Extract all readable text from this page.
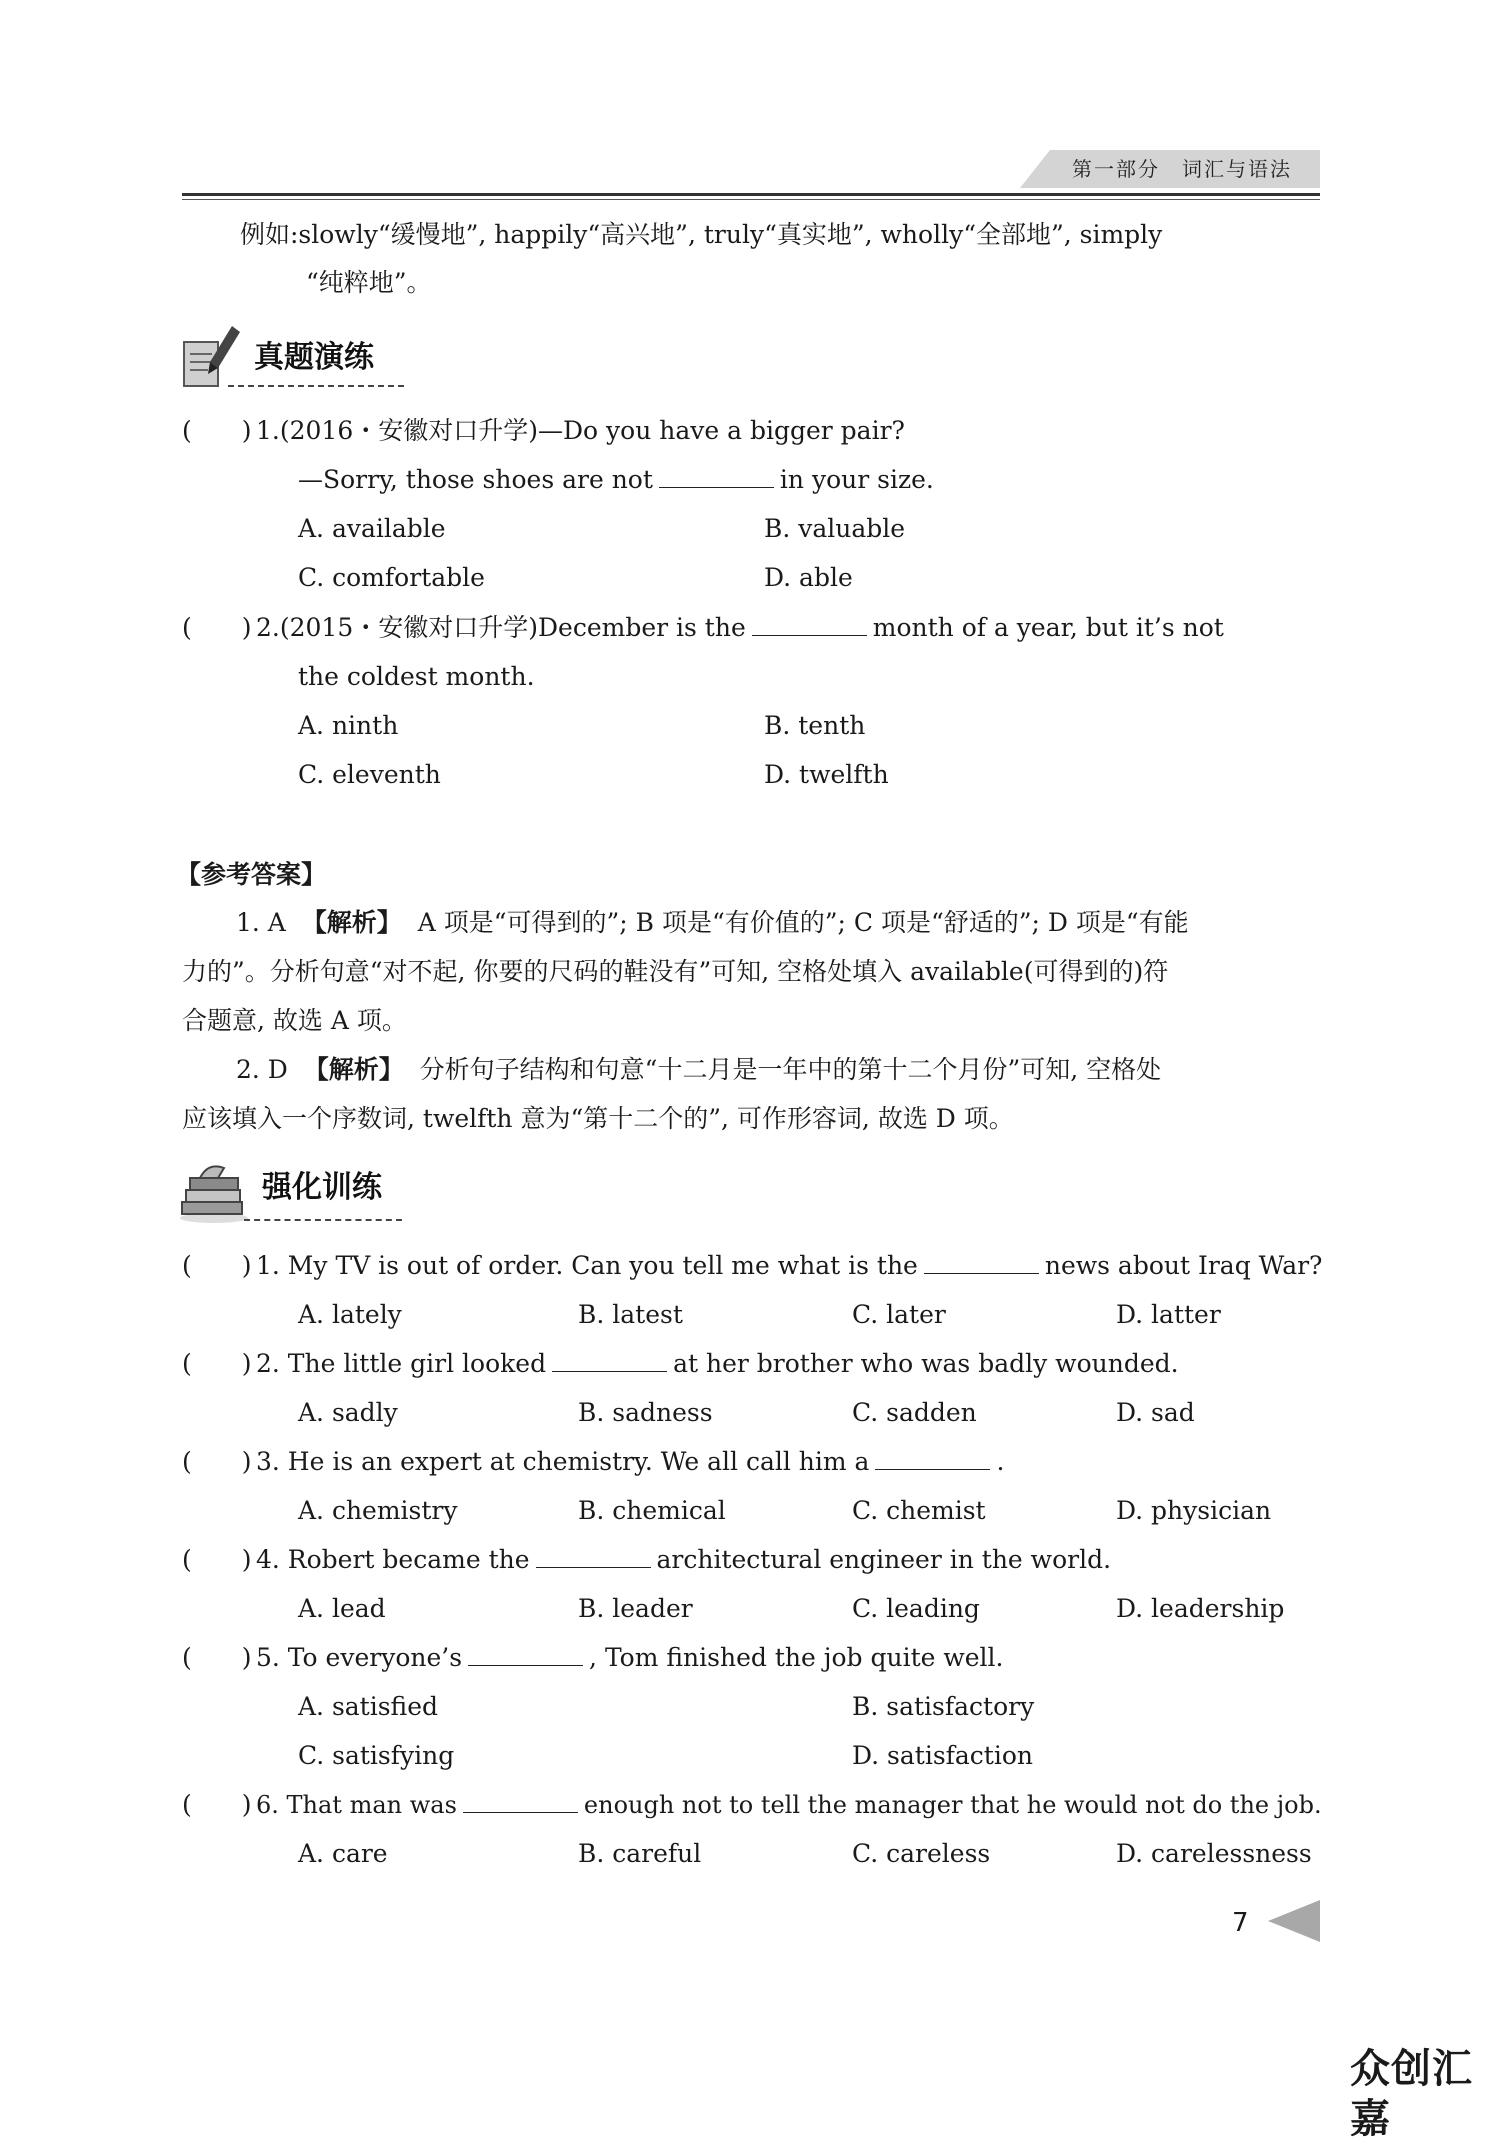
第一部分　词汇与语法
例如:slowly“缓慢地”, happily“高兴地”, truly“真实地”, wholly“全部地”, simply
“纯粹地”。
真题演练
(　　) 1.(2016・安徽对口升学)—Do you have a bigger pair?
—Sorry, those shoes are not	in your size.
A. available	B. valuable
C. comfortable	D. able
(　　) 2.(2015・安徽对口升学)December is the	month of a year, but it’s not
the coldest month.
A. ninth	B. tenth
C. eleventh	D. twelfth
【参考答案】
1. A 【解析】 A 项是“可得到的”; B 项是“有价值的”; C 项是“舒适的”; D 项是“有能
力的”。分析句意“对不起, 你要的尺码的鞋没有”可知, 空格处填入 available(可得到的)符
合题意, 故选 A 项。
2. D 【解析】 分析句子结构和句意“十二月是一年中的第十二个月份”可知, 空格处
应该填入一个序数词, twelfth 意为“第十二个的”, 可作形容词, 故选 D 项。
强化训练
(　　) 1. My TV is out of order. Can you tell me what is the	news about Iraq War?
A. lately	B. latest	C. later	D. latter
(　　) 2. The little girl looked	at her brother who was badly wounded.
A. sadly	B. sadness	C. sadden	D. sad
(　　) 3. He is an expert at chemistry. We all call him a	.
A. chemistry	B. chemical	C. chemist	D. physician
(　　) 4. Robert became the	architectural engineer in the world.
A. lead	B. leader	C. leading	D. leadership
(　　) 5. To everyone’s	, Tom finished the job quite well.
A. satisfied	B. satisfactory
C. satisfying	D. satisfaction
(　　) 6. That man was	enough not to tell the manager that he would not do the job.
A. care	B. careful	C. careless	D. carelessness
7
众创汇嘉
